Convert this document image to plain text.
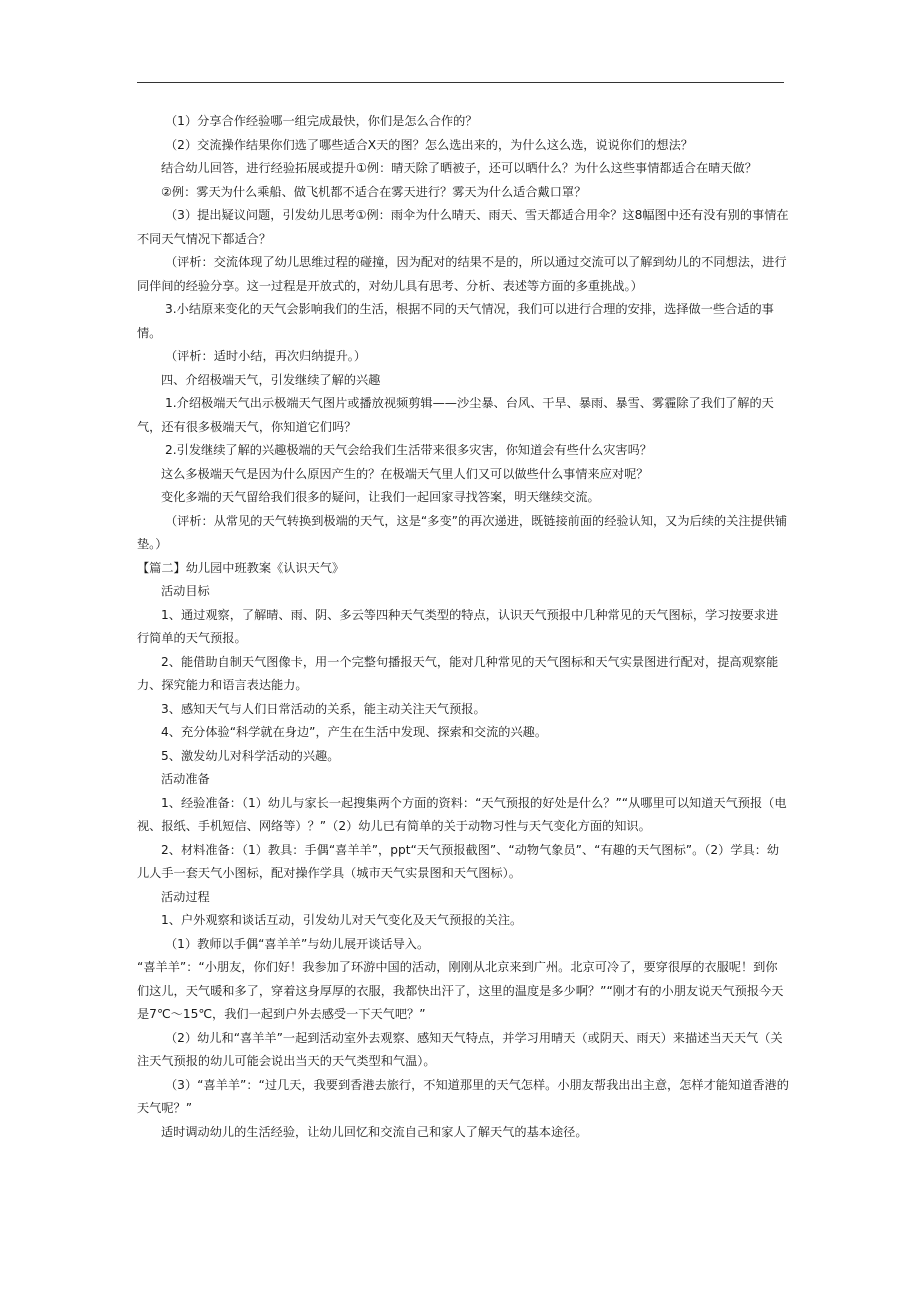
（1）分享合作经验哪一组完成最快，你们是怎么合作的？

（2）交流操作结果你们选了哪些适合X天的图？怎么选出来的，为什么这么选，说说你们的想法？

结合幼儿回答，进行经验拓展或提升①例：晴天除了晒被子，还可以晒什么？为什么这些事情都适合在晴天做？

②例：雾天为什么乘船、做飞机都不适合在雾天进行？雾天为什么适合戴口罩？

（3）提出疑议问题，引发幼儿思考①例：雨伞为什么晴天、雨天、雪天都适合用伞？这8幅图中还有没有别的事情在不同天气情况下都适合？

（评析：交流体现了幼儿思维过程的碰撞，因为配对的结果不是的，所以通过交流可以了解到幼儿的不同想法，进行同伴间的经验分享。这一过程是开放式的，对幼儿具有思考、分析、表述等方面的多重挑战。）

3.小结原来变化的天气会影响我们的生活，根据不同的天气情况，我们可以进行合理的安排，选择做一些合适的事情。

（评析：适时小结，再次归纳提升。）

四、介绍极端天气，引发继续了解的兴趣

1.介绍极端天气出示极端天气图片或播放视频剪辑——沙尘暴、台风、干旱、暴雨、暴雪、雾霾除了我们了解的天气，还有很多极端天气，你知道它们吗？

2.引发继续了解的兴趣极端的天气会给我们生活带来很多灾害，你知道会有些什么灾害吗？

这么多极端天气是因为什么原因产生的？在极端天气里人们又可以做些什么事情来应对呢？

变化多端的天气留给我们很多的疑问，让我们一起回家寻找答案，明天继续交流。

（评析：从常见的天气转换到极端的天气，这是“多变”的再次递进，既链接前面的经验认知，又为后续的关注提供铺垫。）

【篇二】幼儿园中班教案《认识天气》

活动目标

1、通过观察，了解晴、雨、阴、多云等四种天气类型的特点，认识天气预报中几种常见的天气图标，学习按要求进行简单的天气预报。

2、能借助自制天气图像卡，用一个完整句播报天气，能对几种常见的天气图标和天气实景图进行配对，提高观察能力、探究能力和语言表达能力。

3、感知天气与人们日常活动的关系，能主动关注天气预报。

4、充分体验“科学就在身边”，产生在生活中发现、探索和交流的兴趣。

5、激发幼儿对科学活动的兴趣。

活动准备

1、经验准备：（1）幼儿与家长一起搜集两个方面的资料：“天气预报的好处是什么？”“从哪里可以知道天气预报（电视、报纸、手机短信、网络等）？”（2）幼儿已有简单的关于动物习性与天气变化方面的知识。

2、材料准备：（1）教具：手偶“喜羊羊”，ppt“天气预报截图”、“动物气象员”、“有趣的天气图标”。（2）学具：幼儿人手一套天气小图标，配对操作学具（城市天气实景图和天气图标）。

活动过程

1、户外观察和谈话互动，引发幼儿对天气变化及天气预报的关注。

（1）教师以手偶“喜羊羊”与幼儿展开谈话导入。

“喜羊羊”：“小朋友，你们好！我参加了环游中国的活动，刚刚从北京来到广州。北京可冷了，要穿很厚的衣服呢！到你们这儿，天气暖和多了，穿着这身厚厚的衣服，我都快出汗了，这里的温度是多少啊？”“刚才有的小朋友说天气预报今天是7℃～15℃，我们一起到户外去感受一下天气吧？”

（2）幼儿和“喜羊羊”一起到活动室外去观察、感知天气特点，并学习用晴天（或阴天、雨天）来描述当天天气（关注天气预报的幼儿可能会说出当天的天气类型和气温）。

（3）“喜羊羊”：“过几天，我要到香港去旅行，不知道那里的天气怎样。小朋友帮我出出主意，怎样才能知道香港的天气呢？”

适时调动幼儿的生活经验，让幼儿回忆和交流自己和家人了解天气的基本途径。
